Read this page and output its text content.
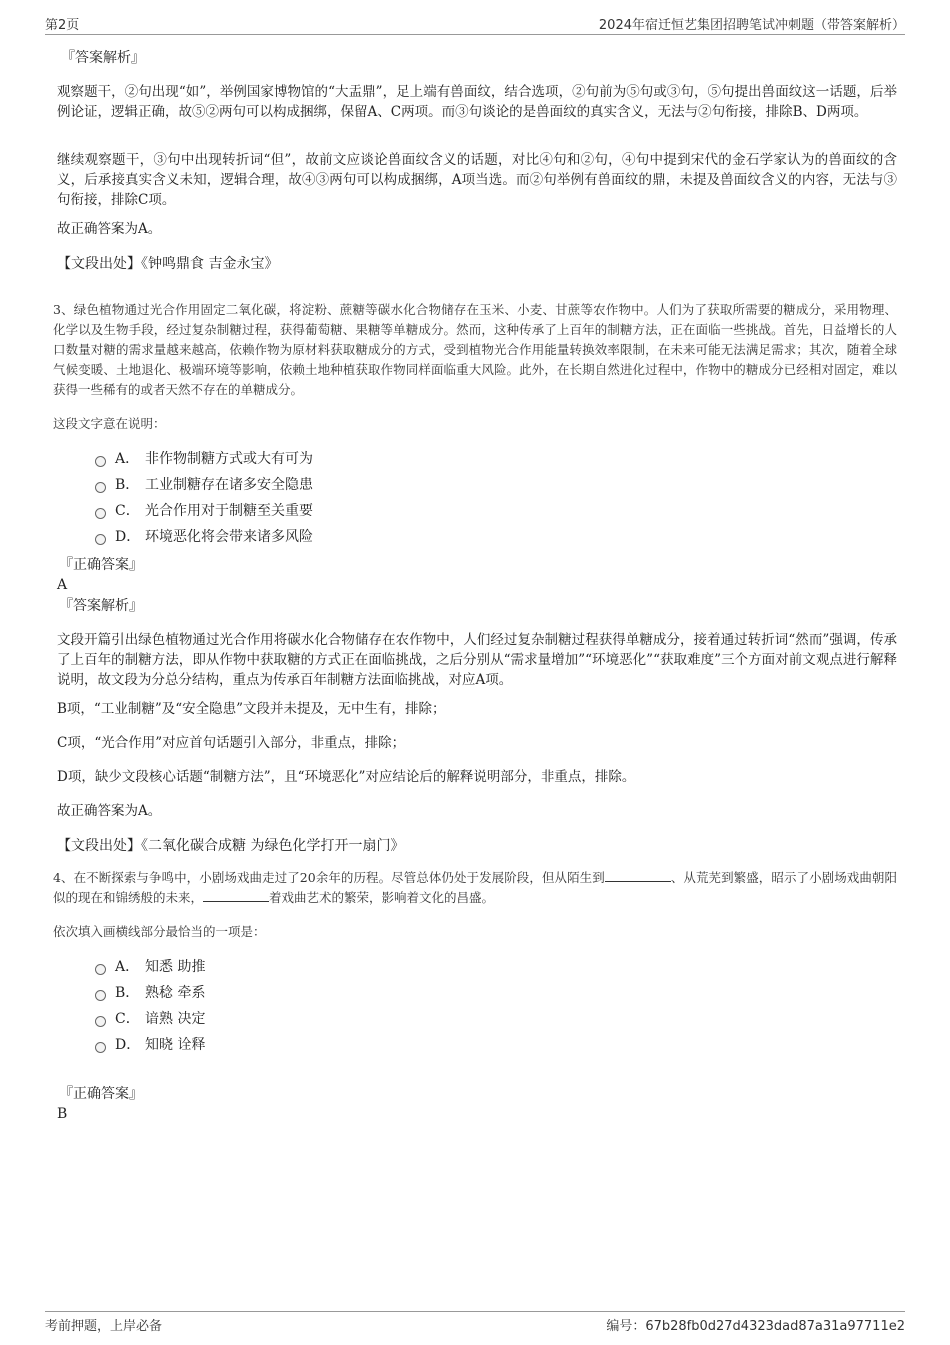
第2页	2024年宿迁恒艺集团招聘笔试冲刺题（带答案解析）
『答案解析』

观察题干，②句出现“如”，举例国家博物馆的“大盂鼎”，足上端有兽面纹，结合选项，②句前为⑤句或③句，⑤句提出兽面纹这一话题，后举例论证，逻辑正确，故⑤②两句可以构成捆绑，保留A、C两项。而③句谈论的是兽面纹的真实含义，无法与②句衔接，排除B、D两项。

继续观察题干，③句中出现转折词“但”，故前文应谈论兽面纹含义的话题，对比④句和②句，④句中提到宋代的金石学家认为的兽面纹的含义，后承接真实含义未知，逻辑合理，故④③两句可以构成捆绑，A项当选。而②句举例有兽面纹的鼎，未提及兽面纹含义的内容，无法与③句衔接，排除C项。

故正确答案为A。

【文段出处】《钟鸣鼎食 吉金永宝》

3、绿色植物通过光合作用固定二氧化碳，将淀粉、蔗糖等碳水化合物储存在玉米、小麦、甘蔗等农作物中。人们为了获取所需要的糖成分，采用物理、化学以及生物手段，经过复杂制糖过程，获得葡萄糖、果糖等单糖成分。然而，这种传承了上百年的制糖方法，正在面临一些挑战。首先，日益增长的人口数量对糖的需求量越来越高，依赖作物为原材料获取糖成分的方式，受到植物光合作用能量转换效率限制，在未来可能无法满足需求；其次，随着全球气候变暖、土地退化、极端环境等影响，依赖土地种植获取作物同样面临重大风险。此外，在长期自然进化过程中，作物中的糖成分已经相对固定，难以获得一些稀有的或者天然不存在的单糖成分。

这段文字意在说明：

A． 非作物制糖方式或大有可为
B． 工业制糖存在诸多安全隐患
C． 光合作用对于制糖至关重要
D． 环境恶化将会带来诸多风险
『正确答案』
A
『答案解析』

文段开篇引出绿色植物通过光合作用将碳水化合物储存在农作物中，人们经过复杂制糖过程获得单糖成分，接着通过转折词“然而”强调，传承了上百年的制糖方法，即从作物中获取糖的方式正在面临挑战，之后分别从“需求量增加”“环境恶化”“获取难度”三个方面对前文观点进行解释说明，故文段为分总分结构，重点为传承百年制糖方法面临挑战，对应A项。

B项，“工业制糖”及“安全隐患”文段并未提及，无中生有，排除；

C项，“光合作用”对应首句话题引入部分，非重点，排除；

D项，缺少文段核心话题“制糖方法”，且“环境恶化”对应结论后的解释说明部分，非重点，排除。

故正确答案为A。

【文段出处】《二氧化碳合成糖 为绿色化学打开一扇门》

4、在不断探索与争鸣中，小剧场戏曲走过了20余年的历程。尽管总体仍处于发展阶段，但从陌生到	、从荒芜到繁盛，昭示了小剧场戏曲朝阳似的现在和锦绣般的未来，	着戏曲艺术的繁荣，影响着文化的昌盛。

依次填入画横线部分最恰当的一项是：

A． 知悉 助推
B． 熟稔 牵系
C． 谙熟 决定
D． 知晓 诠释
『正确答案』
B
考前押题，上岸必备	编号：67b28fb0d27d4323dad87a31a97711e2
